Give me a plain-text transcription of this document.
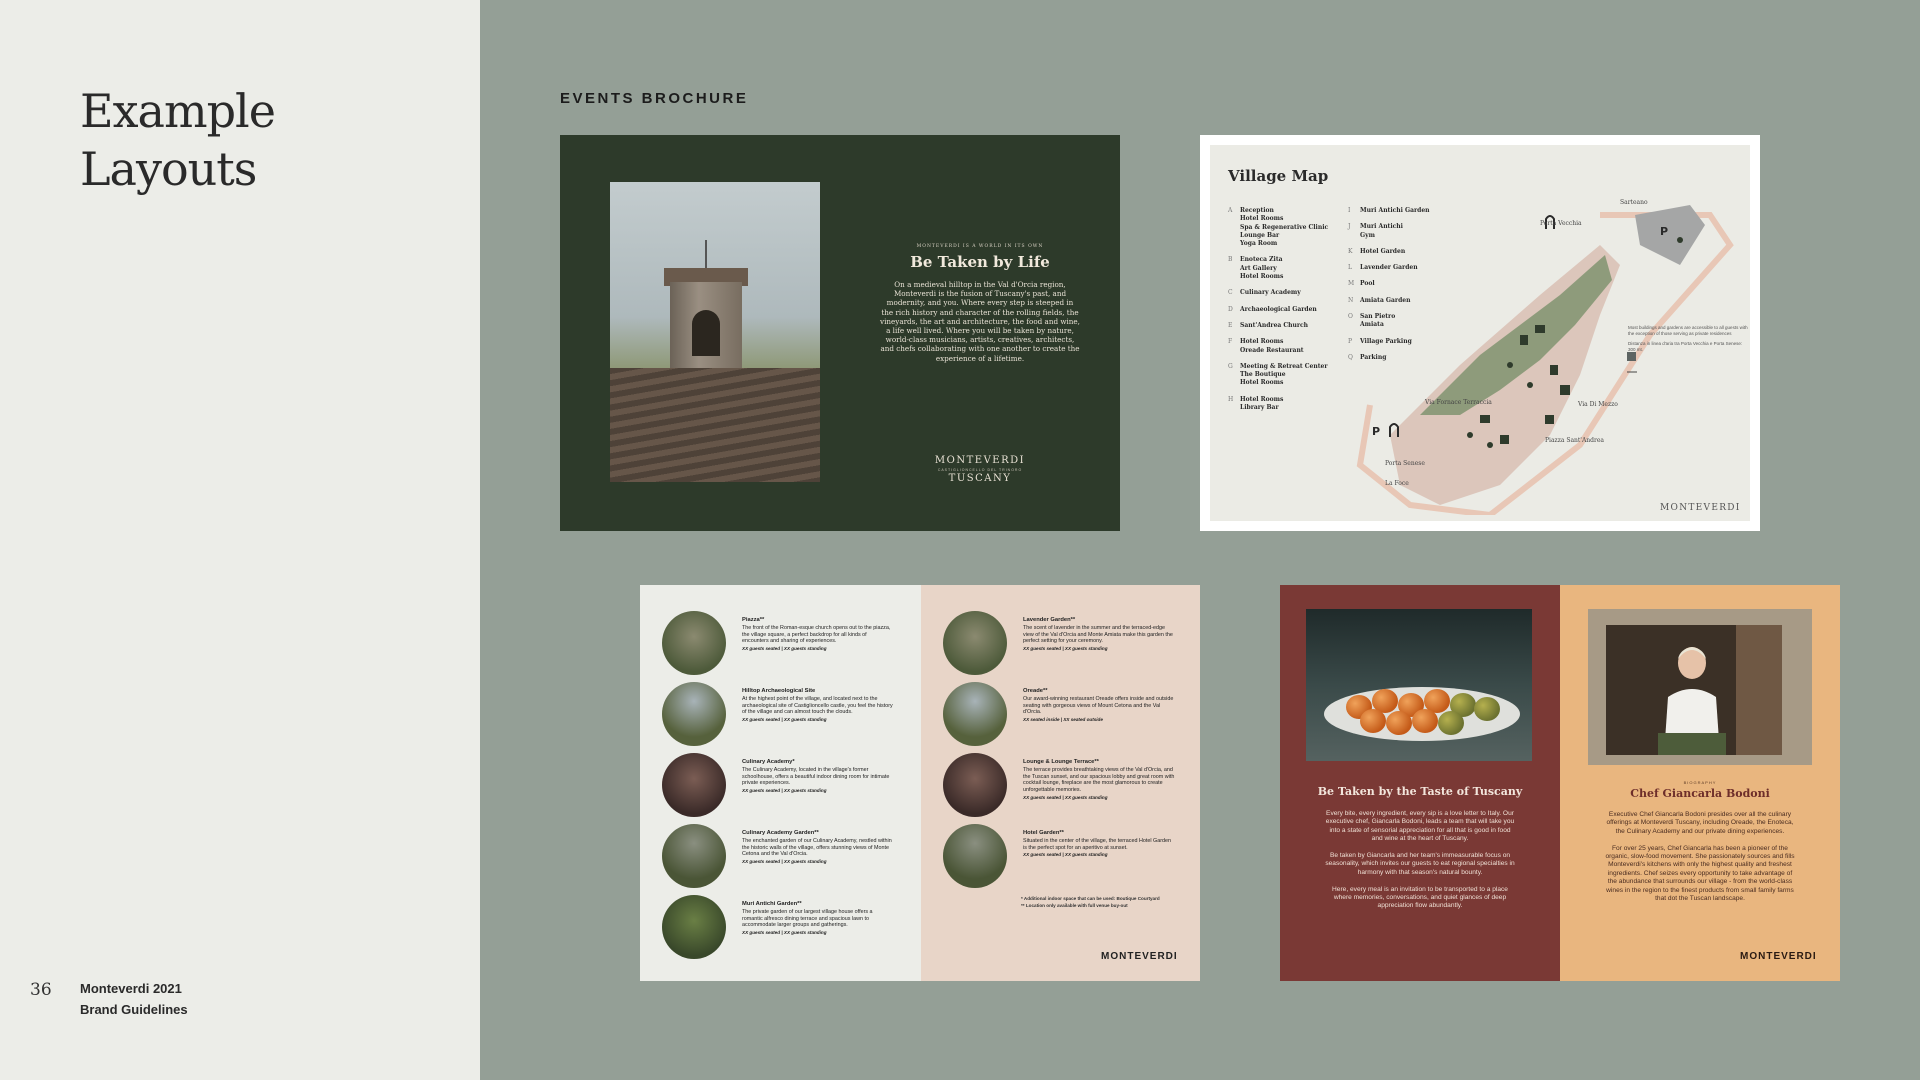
Example
Layouts
36 Monteverdi 2021
Brand Guidelines
EVENTS BROCHURE
MONTEVERDI IS A WORLD IN ITS OWN
Be Taken by Life
On a medieval hilltop in the Val d'Orcia region, Monteverdi is the fusion of Tuscany's past, and modernity, and you. Where every step is steeped in the rich history and character of the rolling fields, the vineyards, the art and architecture, the food and wine, a life well lived. Where you will be taken by nature, world-class musicians, artists, creatives, architects, and chefs collaborating with one another to create the experience of a lifetime.
MONTEVERDI
CASTIGLIONCELLO DEL TRINORO
TUSCANY
Village Map
A	Reception
Hotel Rooms
Spa & Regenerative Clinic
Lounge Bar
Yoga Room
B	Enoteca Zita
Art Gallery
Hotel Rooms
C	Culinary Academy
D	Archaeological Garden
E	Sant'Andrea Church
F	Hotel Rooms
Oreade Restaurant
G	Meeting & Retreat Center
The Boutique
Hotel Rooms
H	Hotel Rooms
Library Bar
I	Muri Antichi Garden
J	Muri Antichi
Gym
K	Hotel Garden
L	Lavender Garden
M Pool
N	Amiata Garden
O	San Pietro
Amiata
P	Village Parking
Q	Parking
P
P
Sarteano
Porta Vecchia
Via Fornace Terraccia	Via Di Mezzo
Piazza Sant'Andrea
Porta Senese
La Foce
Most buildings and gardens are accessible to all guests with the exception of those serving as private residences
Distanza in linea d'aria tra Porta Vecchia e Porta Senese: 300 mt.
MONTEVERDI
Piazza**
The front of the Roman-esque church opens out to the piazza, the village square, a perfect backdrop for all kinds of encounters and sharing of experiences.
XX guests seated | XX guests standing
Hilltop Archaeological Site
At the highest point of the village, and located next to the archaeological site of Castiglioncello castle, you feel the history of the village and can almost touch the clouds.
XX guests seated | XX guests standing
Culinary Academy*
The Culinary Academy, located in the village's former schoolhouse, offers a beautiful indoor dining room for intimate private experiences.
XX guests seated | XX guests standing
Culinary Academy Garden**
The enchanted garden of our Culinary Academy, nestled within the historic walls of the village, offers stunning views of Monte Cetona and the Val d'Orcia.
XX guests seated | XX guests standing
Muri Antichi Garden**
The private garden of our largest village house offers a romantic alfresco dining terrace and spacious lawn to accommodate larger groups and gatherings.
XX guests seated | XX guests standing
* Additional indoor space that can be used: Boutique Courtyard
** Location only available with full venue buy-out
MONTEVERDI
Lavender Garden**
The scent of lavender in the summer and the terraced-edge view of the Val d'Orcia and Monte Amiata make this garden the perfect setting for your ceremony.
XX guests seated | XX guests standing
Oreade**
Our award-winning restaurant Oreade offers inside and outside seating with gorgeous views of Mount Cetona and the Val d'Orcia.
XX seated inside | XX seated outside
Lounge & Lounge Terrace**
The terrace provides breathtaking views of the Val d'Orcia, and the Tuscan sunset, and our spacious lobby and great room with cocktail lounge, fireplace are the most glamorous to create unforgettable memories.
XX guests seated | XX guests standing
Hotel Garden**
Situated in the center of the village, the terraced Hotel Garden is the perfect spot for an aperitivo at sunset.
XX guests seated | XX guests standing
Be Taken by the Taste of Tuscany

Every bite, every ingredient, every sip is a love letter to Italy. Our executive chef, Giancarla Bodoni, leads a team that will take you into a state of sensorial appreciation for all that is good in food and wine at the heart of Tuscany.

Be taken by Giancarla and her team's immeasurable focus on seasonality, which invites our guests to eat regional specialties in harmony with that season's natural bounty.

Here, every meal is an invitation to be transported to a place where memories, conversations, and quiet glances of deep appreciation flow abundantly.

BIOGRAPHY
Chef Giancarla Bodoni

Executive Chef Giancarla Bodoni presides over all the culinary offerings at Monteverdi Tuscany, including Oreade, the Enoteca, the Culinary Academy and our private dining experiences.

For over 25 years, Chef Giancarla has been a pioneer of the organic, slow-food movement. She passionately sources and fills Monteverdi's kitchens with only the highest quality and freshest ingredients. Chef seizes every opportunity to take advantage of the abundance that surrounds our village - from the world-class wines in the region to the finest products from small family farms that dot the Tuscan landscape.

MONTEVERDI
